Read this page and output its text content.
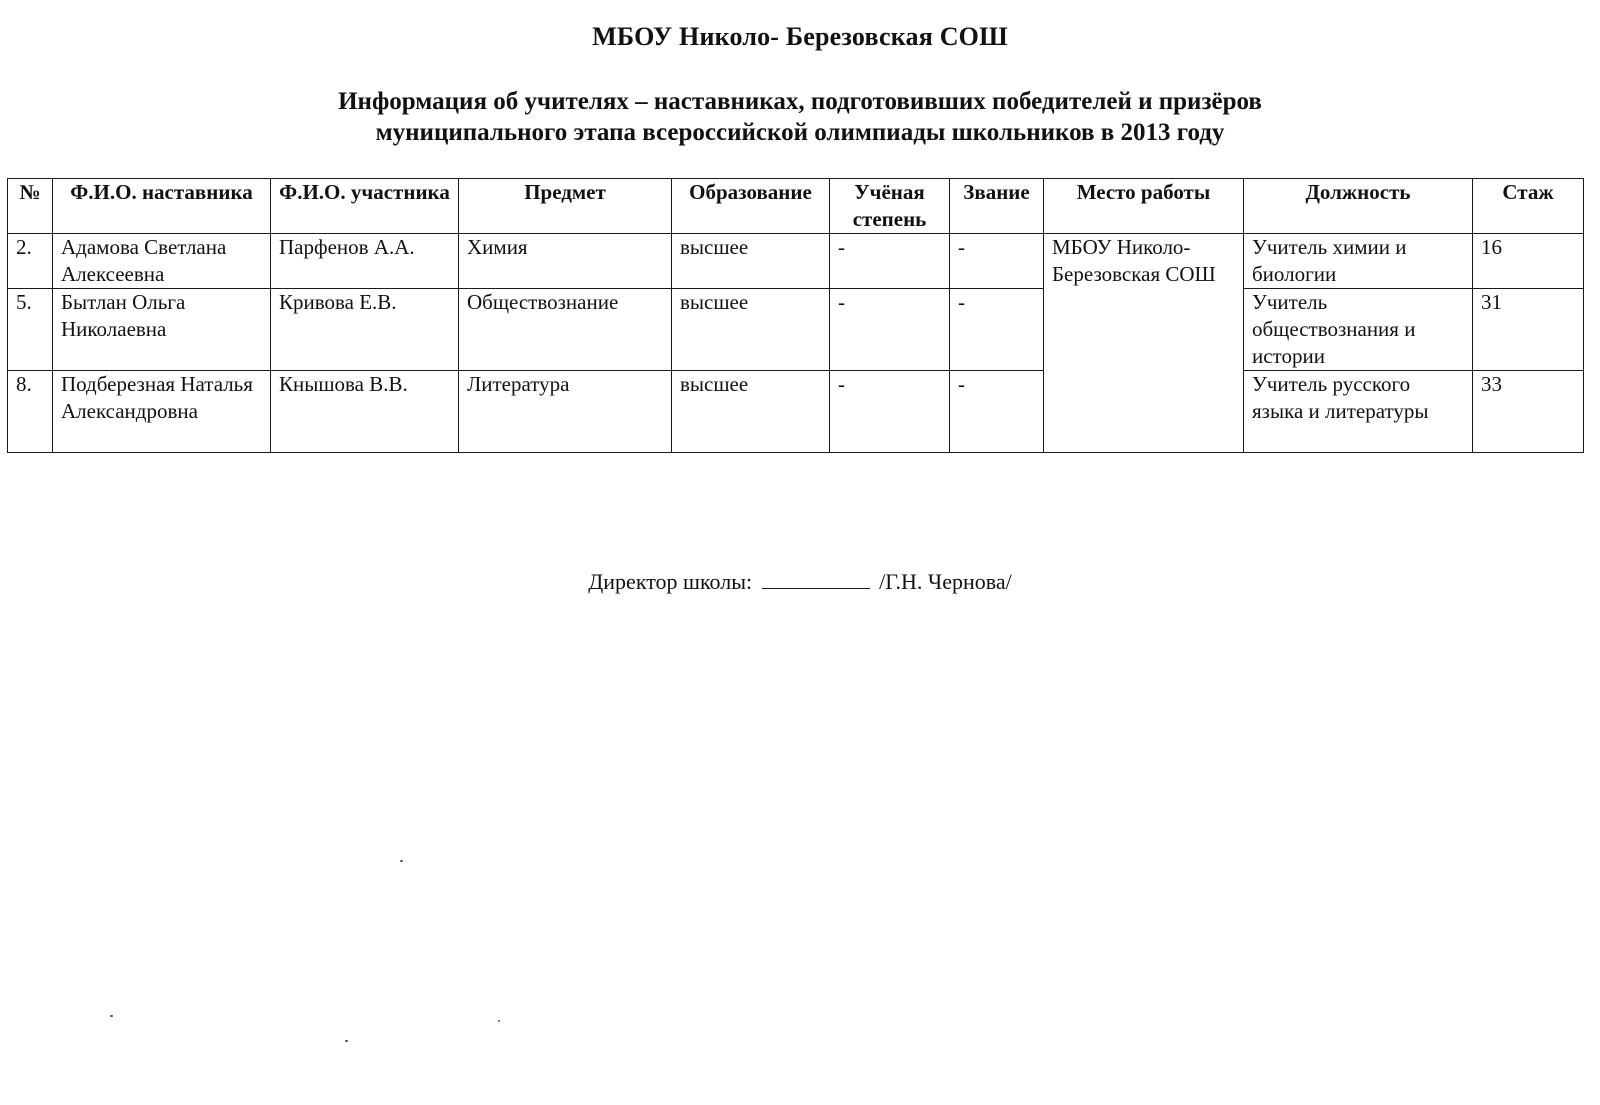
МБОУ Николо- Березовская СОШ
Информация об учителях – наставниках, подготовивших победителей и призёров
муниципального этапа всероссийской олимпиады школьников в 2013 году
№	Ф.И.О. наставника	Ф.И.О. участника	Предмет	Образование	Учёная степень	Звание	Место работы	Должность	Стаж
2.	Адамова Светлана Алексеевна	Парфенов А.А.	Химия	высшее	-	-	МБОУ Николо-Березовская СОШ	Учитель химии и биологии	16
5.	Бытлан Ольга Николаевна	Кривова Е.В.	Обществознание	высшее	-	-		Учитель обществознания и истории	31
8.	Подберезная Наталья Александровна	Кнышова В.В.	Литература	высшее	-	-		Учитель русского языка и литературы	33
Директор школы:	/Г.Н. Чернова/
